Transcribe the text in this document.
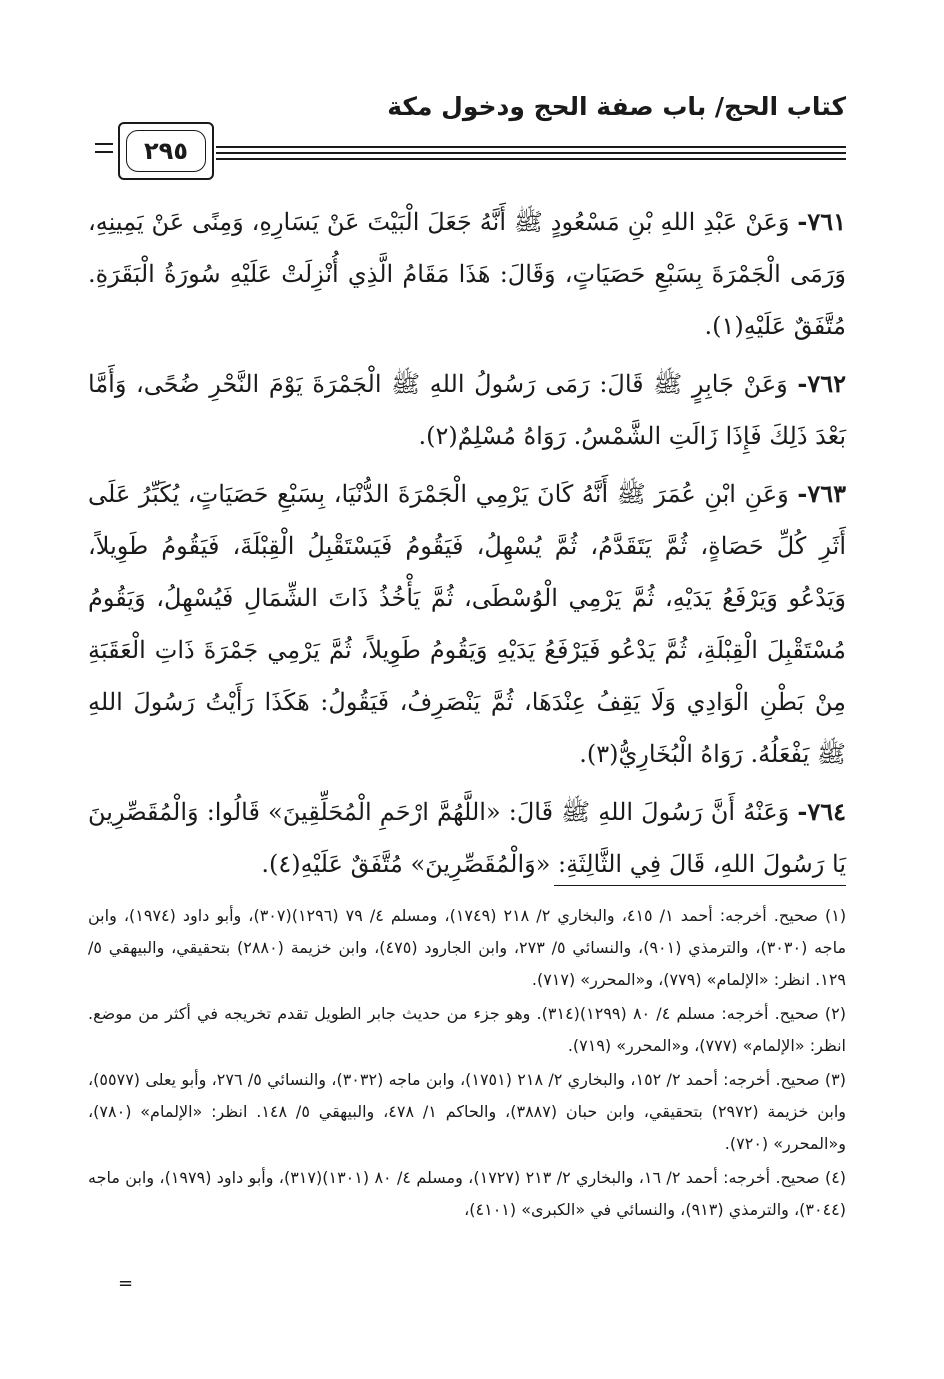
كتاب الحج/ باب صفة الحج ودخول مكة
٢٩٥

٧٦١- وَعَنْ عَبْدِ اللهِ بْنِ مَسْعُودٍ ﷺ أَنَّهُ جَعَلَ الْبَيْتَ عَنْ يَسَارِهِ، وَمِنًى عَنْ يَمِينِهِ، وَرَمَى الْجَمْرَةَ بِسَبْعِ حَصَيَاتٍ، وَقَالَ: هَذَا مَقَامُ الَّذِي أُنْزِلَتْ عَلَيْهِ سُورَةُ الْبَقَرَةِ. مُتَّفَقٌ عَلَيْهِ(١).

٧٦٢- وَعَنْ جَابِرٍ ﷺ قَالَ: رَمَى رَسُولُ اللهِ ﷺ الْجَمْرَةَ يَوْمَ النَّحْرِ ضُحًى، وَأَمَّا بَعْدَ ذَلِكَ فَإِذَا زَالَتِ الشَّمْسُ. رَوَاهُ مُسْلِمٌ(٢).

٧٦٣- وَعَنِ ابْنِ عُمَرَ ﷺ أَنَّهُ كَانَ يَرْمِي الْجَمْرَةَ الدُّنْيَا، بِسَبْعِ حَصَيَاتٍ، يُكَبِّرُ عَلَى أَثَرِ كُلِّ حَصَاةٍ، ثُمَّ يَتَقَدَّمُ، ثُمَّ يُسْهِلُ، فَيَقُومُ فَيَسْتَقْبِلُ الْقِبْلَةَ، فَيَقُومُ طَوِيلاً، وَيَدْعُو وَيَرْفَعُ يَدَيْهِ، ثُمَّ يَرْمِي الْوُسْطَى، ثُمَّ يَأْخُذُ ذَاتَ الشِّمَالِ فَيُسْهِلُ، وَيَقُومُ مُسْتَقْبِلَ الْقِبْلَةِ، ثُمَّ يَدْعُو فَيَرْفَعُ يَدَيْهِ وَيَقُومُ طَوِيلاً، ثُمَّ يَرْمِي جَمْرَةَ ذَاتِ الْعَقَبَةِ مِنْ بَطْنِ الْوَادِي وَلَا يَقِفُ عِنْدَهَا، ثُمَّ يَنْصَرِفُ، فَيَقُولُ: هَكَذَا رَأَيْتُ رَسُولَ اللهِ ﷺ يَفْعَلُهُ. رَوَاهُ الْبُخَارِيُّ(٣).

٧٦٤- وَعَنْهُ أَنَّ رَسُولَ اللهِ ﷺ قَالَ: «اللَّهُمَّ ارْحَمِ الْمُحَلِّقِينَ» قَالُوا: وَالْمُقَصِّرِينَ يَا رَسُولَ اللهِ، قَالَ فِي الثَّالِثَةِ: «وَالْمُقَصِّرِينَ» مُتَّفَقٌ عَلَيْهِ(٤).

(١) صحيح. أخرجه: أحمد ١/ ٤١٥، والبخاري ٢/ ٢١٨ (١٧٤٩)، ومسلم ٤/ ٧٩ (١٢٩٦)(٣٠٧)، وأبو داود (١٩٧٤)، وابن ماجه (٣٠٣٠)، والترمذي (٩٠١)، والنسائي ٥/ ٢٧٣، وابن الجارود (٤٧٥)، وابن خزيمة (٢٨٨٠) بتحقيقي، والبيهقي ٥/ ١٢٩. انظر: «الإلمام» (٧٧٩)، و«المحرر» (٧١٧).

(٢) صحيح. أخرجه: مسلم ٤/ ٨٠ (١٢٩٩)(٣١٤). وهو جزء من حديث جابر الطويل تقدم تخريجه في أكثر من موضع. انظر: «الإلمام» (٧٧٧)، و«المحرر» (٧١٩).

(٣) صحيح. أخرجه: أحمد ٢/ ١٥٢، والبخاري ٢/ ٢١٨ (١٧٥١)، وابن ماجه (٣٠٣٢)، والنسائي ٥/ ٢٧٦، وأبو يعلى (٥٥٧٧)، وابن خزيمة (٢٩٧٢) بتحقيقي، وابن حبان (٣٨٨٧)، والحاكم ١/ ٤٧٨، والبيهقي ٥/ ١٤٨. انظر: «الإلمام» (٧٨٠)، و«المحرر» (٧٢٠).

(٤) صحيح. أخرجه: أحمد ٢/ ١٦، والبخاري ٢/ ٢١٣ (١٧٢٧)، ومسلم ٤/ ٨٠ (١٣٠١)(٣١٧)، وأبو داود (١٩٧٩)، وابن ماجه (٣٠٤٤)، والترمذي (٩١٣)، والنسائي في «الكبرى» (٤١٠١)،

=
